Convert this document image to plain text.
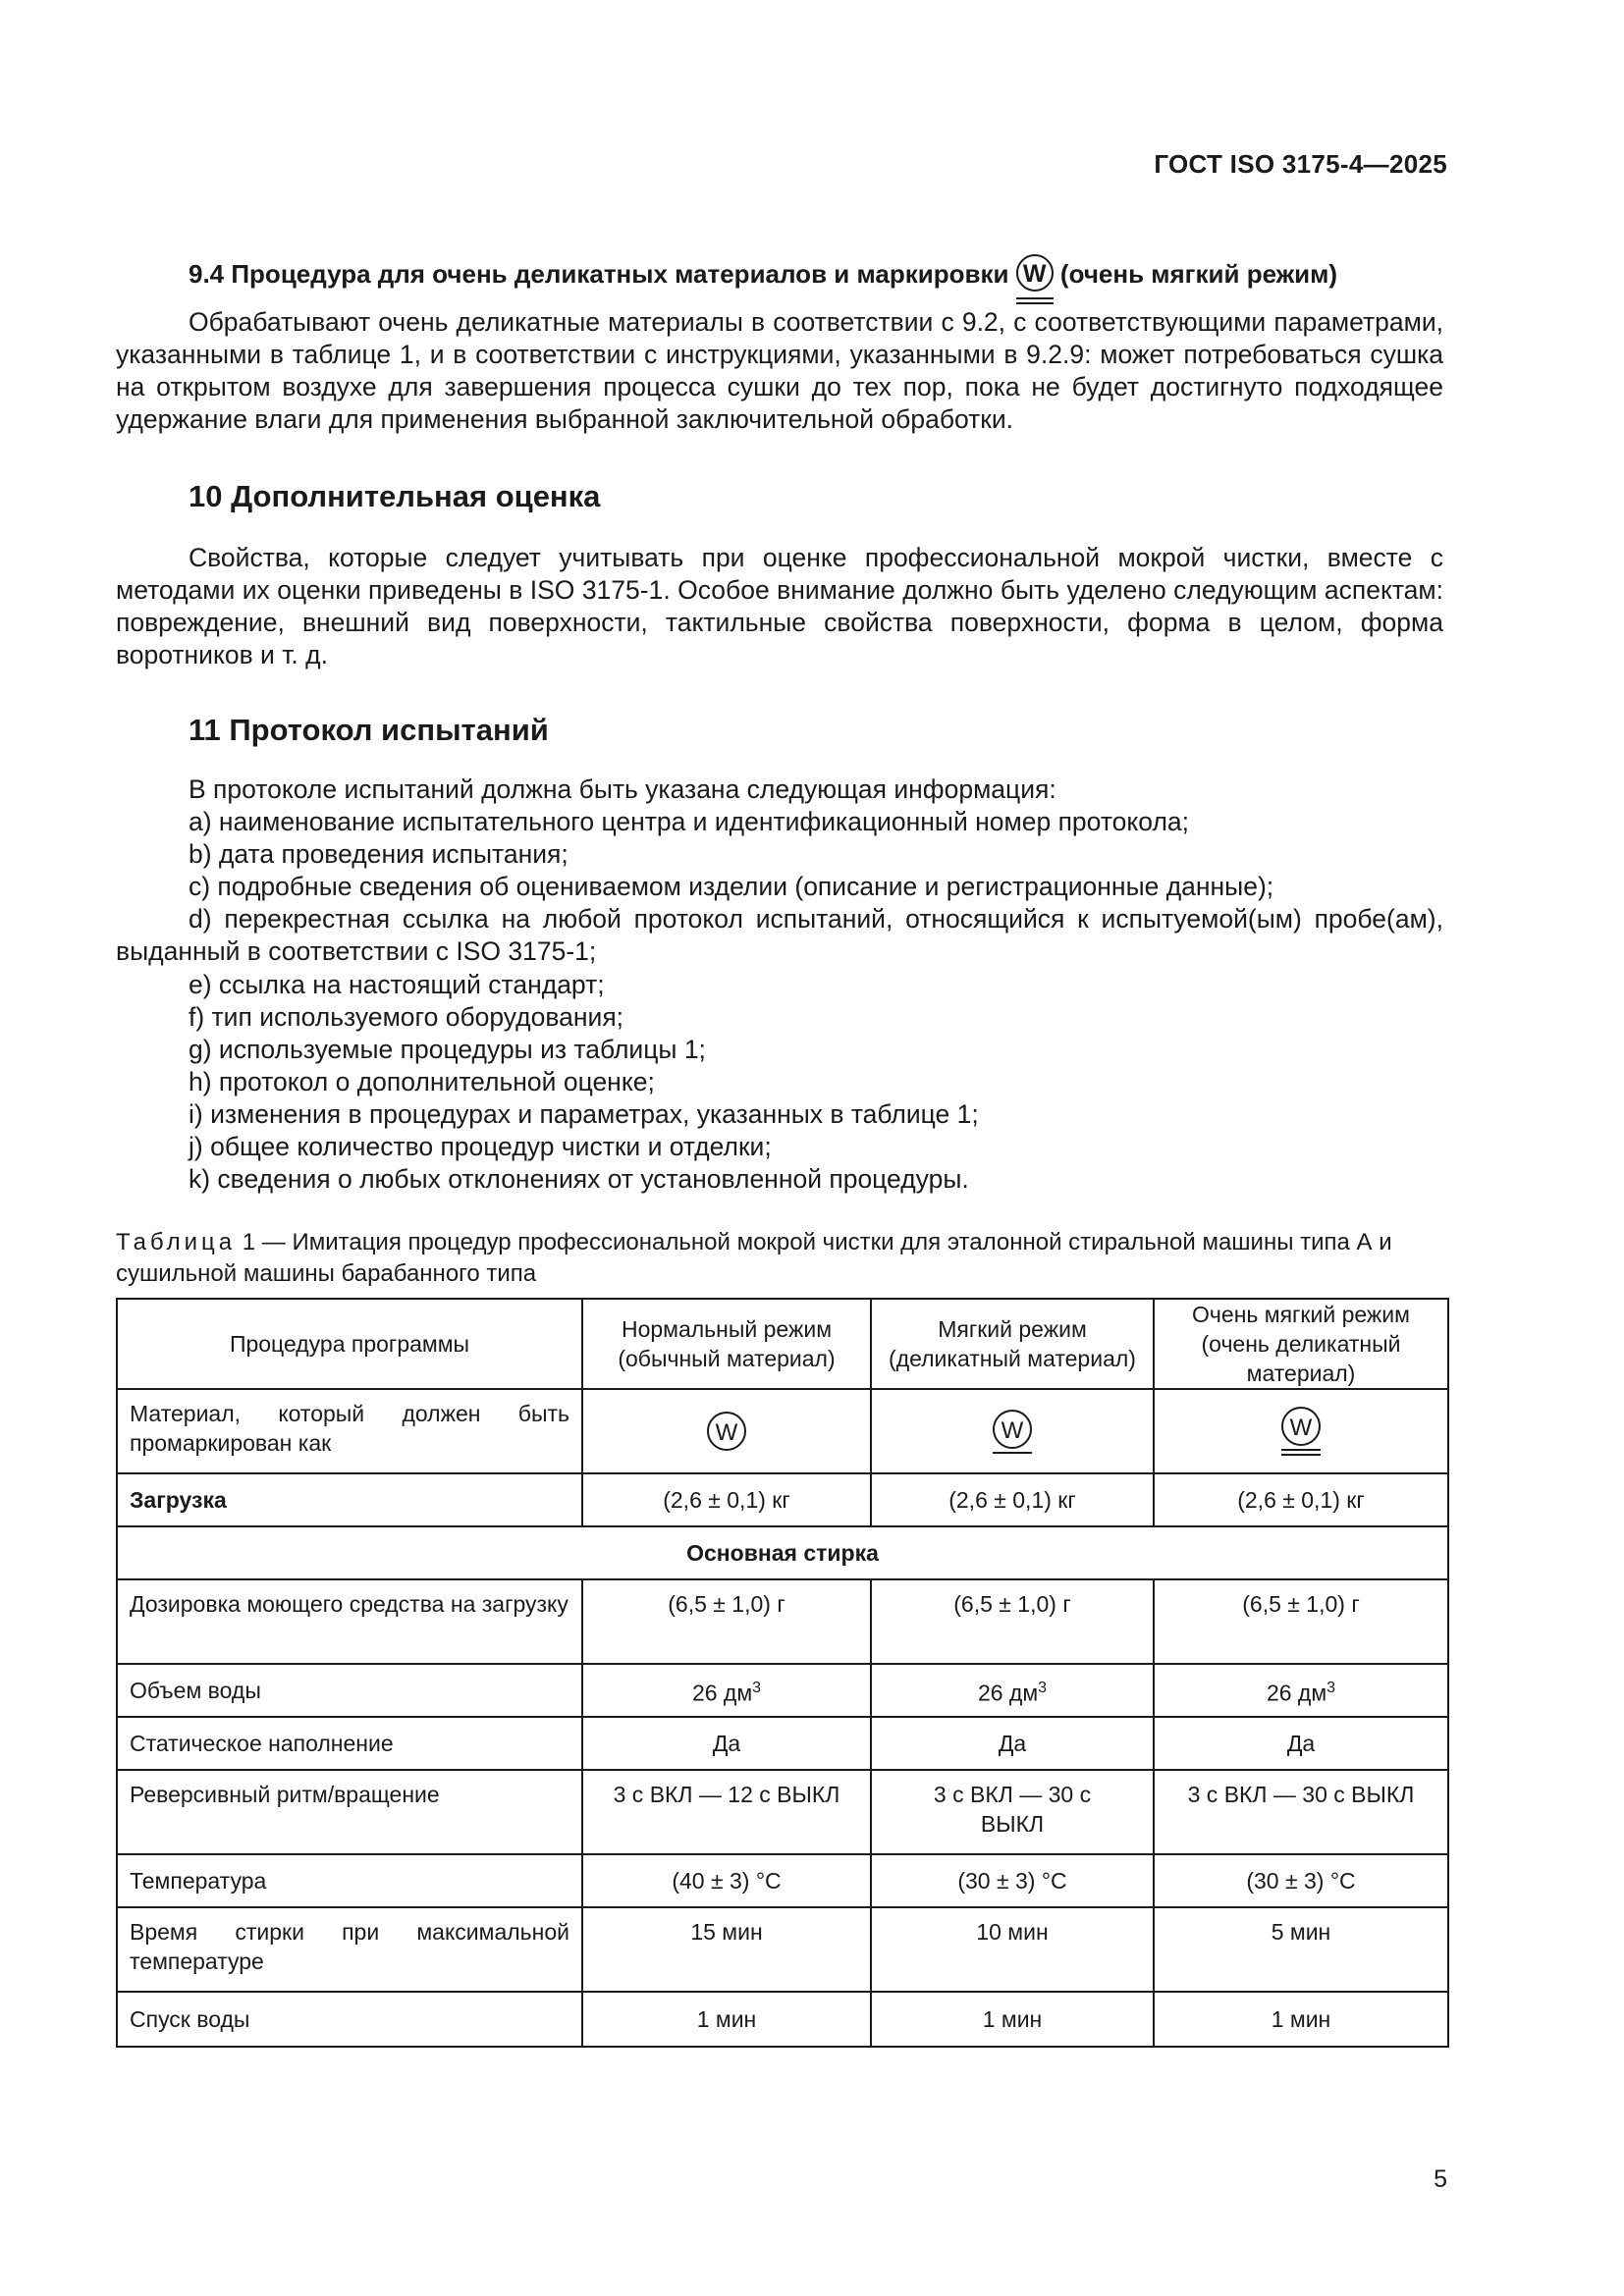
ГОСТ ISO 3175-4—2025
9.4 Процедура для очень деликатных материалов и маркировки W (очень мягкий режим)
Обрабатывают очень деликатные материалы в соответствии с 9.2, с соответствующими параметрами, указанными в таблице 1, и в соответствии с инструкциями, указанными в 9.2.9: может потребоваться сушка на открытом воздухе для завершения процесса сушки до тех пор, пока не будет достигнуто подходящее удержание влаги для применения выбранной заключительной обработки.
10 Дополнительная оценка
Свойства, которые следует учитывать при оценке профессиональной мокрой чистки, вместе с методами их оценки приведены в ISO 3175-1. Особое внимание должно быть уделено следующим аспектам: повреждение, внешний вид поверхности, тактильные свойства поверхности, форма в целом, форма воротников и т. д.
11 Протокол испытаний
В протоколе испытаний должна быть указана следующая информация:
a) наименование испытательного центра и идентификационный номер протокола;
b) дата проведения испытания;
c) подробные сведения об оцениваемом изделии (описание и регистрационные данные);
d) перекрестная ссылка на любой протокол испытаний, относящийся к испытуемой(ым) пробе(ам), выданный в соответствии с ISO 3175-1;
e) ссылка на настоящий стандарт;
f) тип используемого оборудования;
g) используемые процедуры из таблицы 1;
h) протокол о дополнительной оценке;
i) изменения в процедурах и параметрах, указанных в таблице 1;
j) общее количество процедур чистки и отделки;
k) сведения о любых отклонениях от установленной процедуры.
Таблица 1 — Имитация процедур профессиональной мокрой чистки для эталонной стиральной машины типа А и сушильной машины барабанного типа
Процедура программы	Нормальный режим (обычный материал)	Мягкий режим (деликатный материал)	Очень мягкий режим (очень деликатный материал)
Материал, который должен быть промаркирован как	W	W	W
Загрузка	(2,6 ± 0,1) кг	(2,6 ± 0,1) кг	(2,6 ± 0,1) кг
Основная стирка			
Дозировка моющего средства на загрузку	(6,5 ± 1,0) г	(6,5 ± 1,0) г	(6,5 ± 1,0) г
Объем воды	26 $дм^3$	26 $дм^3$	26 $дм^3$
Статическое наполнение	Да	Да	Да
Реверсивный ритм/вращение	3 с ВКЛ — 12 с ВЫКЛ	3 с ВКЛ — 30 с ВЫКЛ	3 с ВКЛ — 30 с ВЫКЛ
Температура	(40 ± 3) °С	(30 ± 3) °С	(30 ± 3) °С
Время стирки при максимальной температуре	15 мин	10 мин	5 мин
Спуск воды	1 мин	1 мин	1 мин
5
